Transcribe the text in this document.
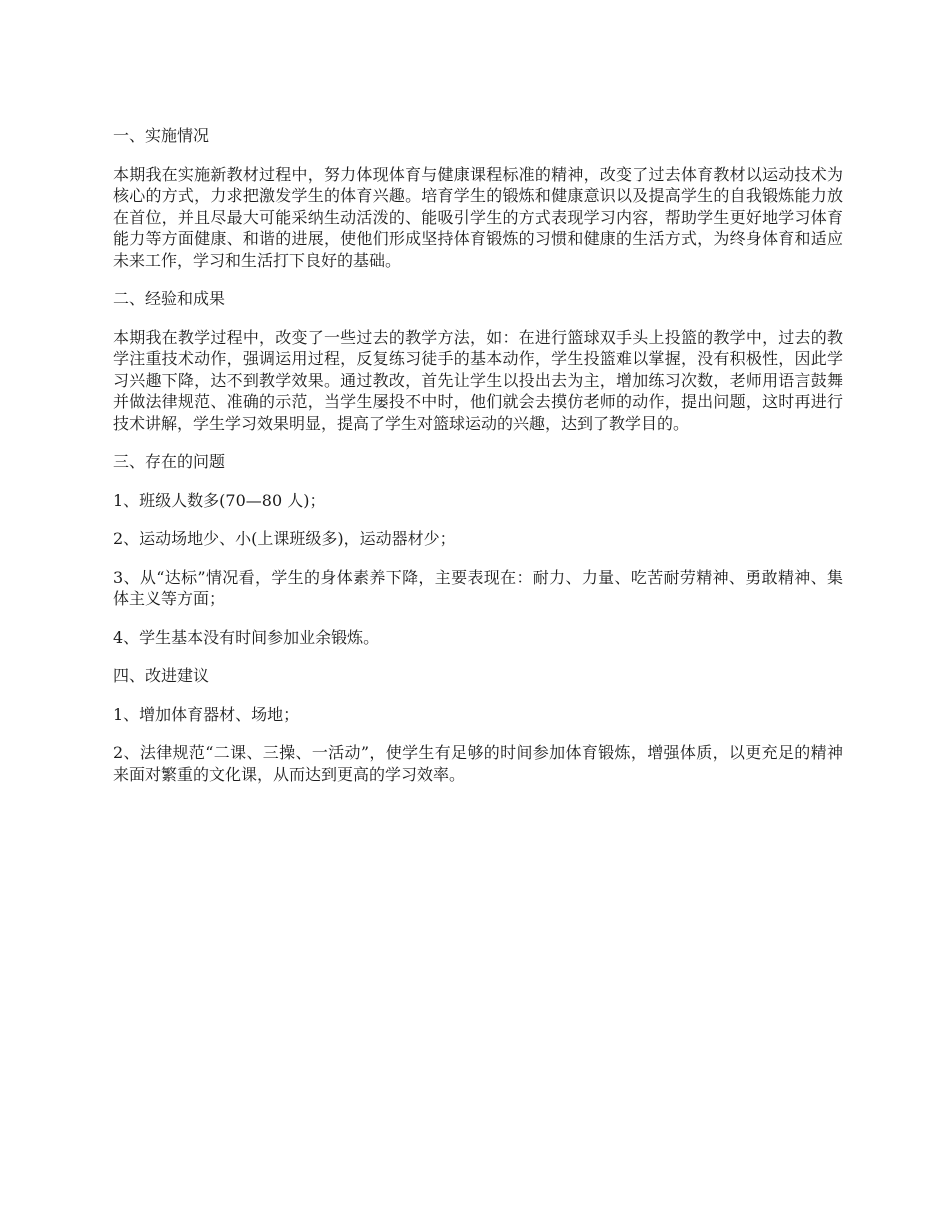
一、实施情况

本期我在实施新教材过程中，努力体现体育与健康课程标准的精神，改变了过去体育教材以运动技术为核心的方式，力求把激发学生的体育兴趣。培育学生的锻炼和健康意识以及提高学生的自我锻炼能力放在首位，并且尽最大可能采纳生动活泼的、能吸引学生的方式表现学习内容，帮助学生更好地学习体育能力等方面健康、和谐的进展，使他们形成坚持体育锻炼的习惯和健康的生活方式，为终身体育和适应未来工作，学习和生活打下良好的基础。

二、经验和成果

本期我在教学过程中，改变了一些过去的教学方法，如：在进行篮球双手头上投篮的教学中，过去的教学注重技术动作，强调运用过程，反复练习徒手的基本动作，学生投篮难以掌握，没有积极性，因此学习兴趣下降，达不到教学效果。通过教改，首先让学生以投出去为主，增加练习次数，老师用语言鼓舞并做法律规范、准确的示范，当学生屡投不中时，他们就会去摸仿老师的动作，提出问题，这时再进行技术讲解，学生学习效果明显，提高了学生对篮球运动的兴趣，达到了教学目的。

三、存在的问题

1、班级人数多(70—80 人)；

2、运动场地少、小(上课班级多)，运动器材少；

3、从“达标”情况看，学生的身体素养下降，主要表现在：耐力、力量、吃苦耐劳精神、勇敢精神、集体主义等方面；

4、学生基本没有时间参加业余锻炼。

四、改进建议

1、增加体育器材、场地；

2、法律规范“二课、三操、一活动”，使学生有足够的时间参加体育锻炼，增强体质，以更充足的精神来面对繁重的文化课，从而达到更高的学习效率。
